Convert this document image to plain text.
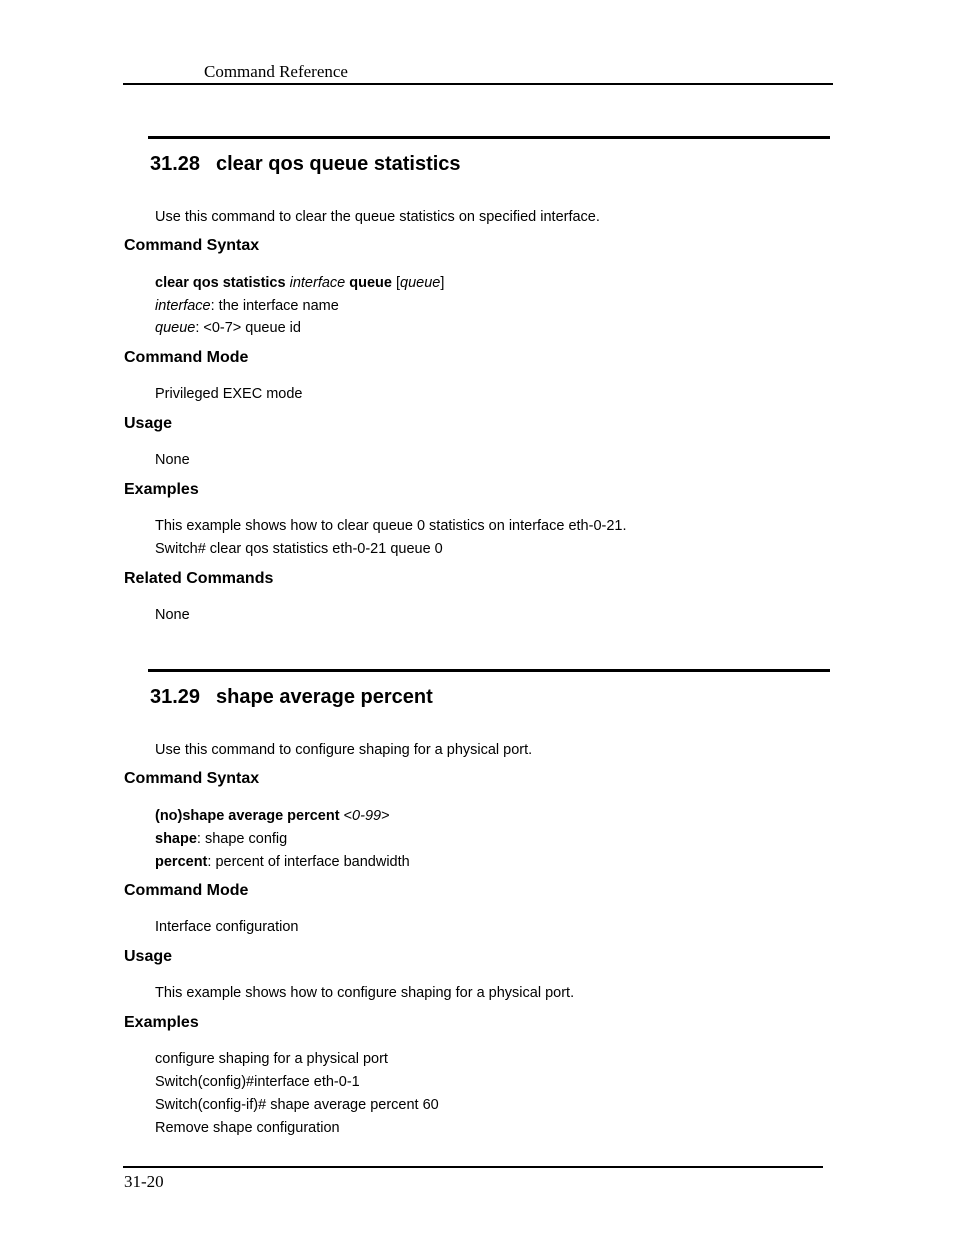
Command Reference
31.28 clear qos queue statistics
Use this command to clear the queue statistics on specified interface.
Command Syntax
clear qos statistics interface queue [queue]
interface: the interface name
queue: <0-7> queue id
Command Mode
Privileged EXEC mode
Usage
None
Examples
This example shows how to clear queue 0 statistics on interface eth-0-21.
Switch# clear qos statistics eth-0-21 queue 0
Related Commands
None
31.29 shape average percent
Use this command to configure shaping for a physical port.
Command Syntax
(no)shape average percent <0-99>
shape: shape config
percent: percent of interface bandwidth
Command Mode
Interface configuration
Usage
This example shows how to configure shaping for a physical port.
Examples
configure shaping for a physical port
Switch(config)#interface eth-0-1
Switch(config-if)# shape average percent 60
Remove shape configuration
31-20
